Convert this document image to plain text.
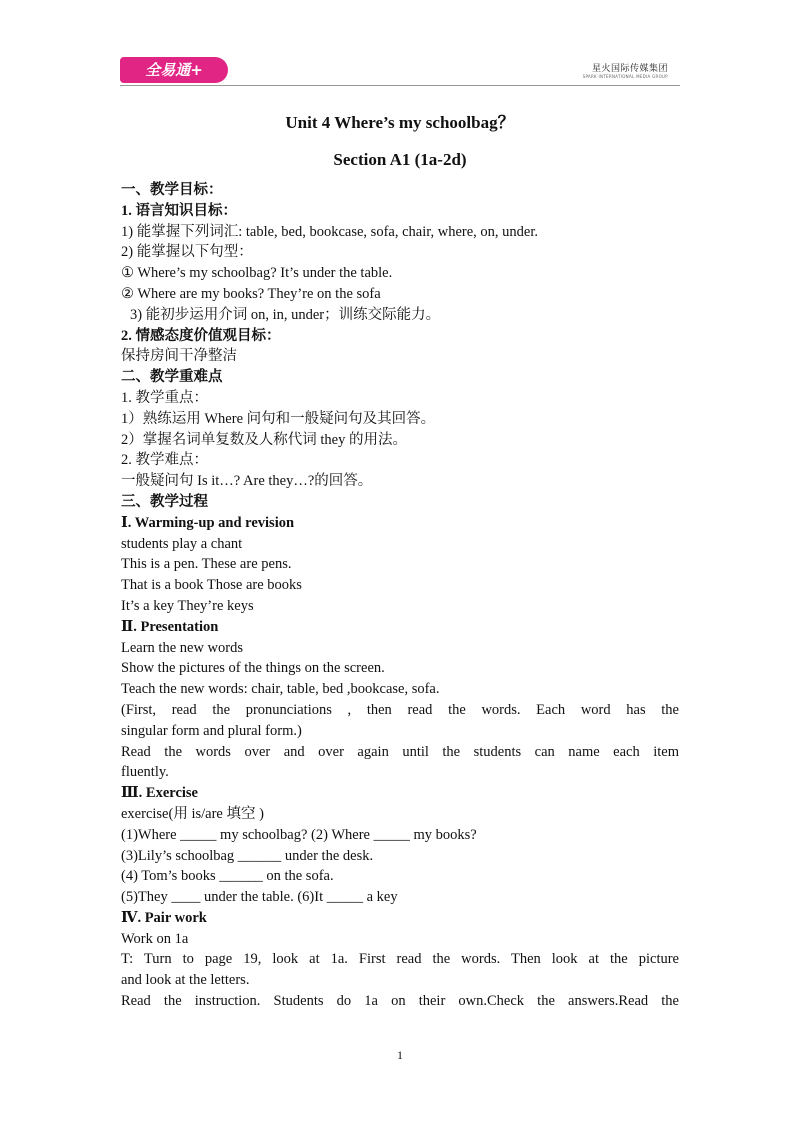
全易通+	星火国际传媒集团
SPARK INTERNATIONAL MEDIA GROUP
Unit 4 Where’s my schoolbag？
Section A1 (1a-2d)
一、教学目标：
1. 语言知识目标：
1) 能掌握下列词汇: table, bed, bookcase, sofa, chair, where, on, under.
2) 能掌握以下句型：
① Where’s my schoolbag? It’s under the table.
② Where are my books? They’re on the sofa
3) 能初步运用介词 on, in, under；训练交际能力。
2. 情感态度价值观目标：
保持房间干净整洁
二、教学重难点
1. 教学重点：
1）熟练运用 Where 问句和一般疑问句及其回答。
2）掌握名词单复数及人称代词 they 的用法。
2. 教学难点：
一般疑问句 Is it…? Are they…?的回答。
三、教学过程
Ⅰ. Warming-up and revision
students play a chant
This is a pen. These are pens.
That is a book Those are books
It’s a key They’re keys
Ⅱ. Presentation
Learn the new words
Show the pictures of the things on the screen.
Teach the new words: chair, table, bed ,bookcase, sofa.
(First, read the pronunciations , then read the words. Each word has the
singular form and plural form.)
Read the words over and over again until the students can name each item
fluently.
Ⅲ. Exercise
exercise(用 is/are 填空 )
(1)Where _____ my schoolbag? (2) Where _____ my books?
(3)Lily’s schoolbag ______ under the desk.
(4) Tom’s books ______ on the sofa.
(5)They ____ under the table. (6)It _____ a key
Ⅳ. Pair work
Work on 1a
T: Turn to page 19, look at 1a. First read the words. Then look at the picture
and look at the letters.
Read the instruction. Students do 1a on their own.Check the answers.Read the
1
